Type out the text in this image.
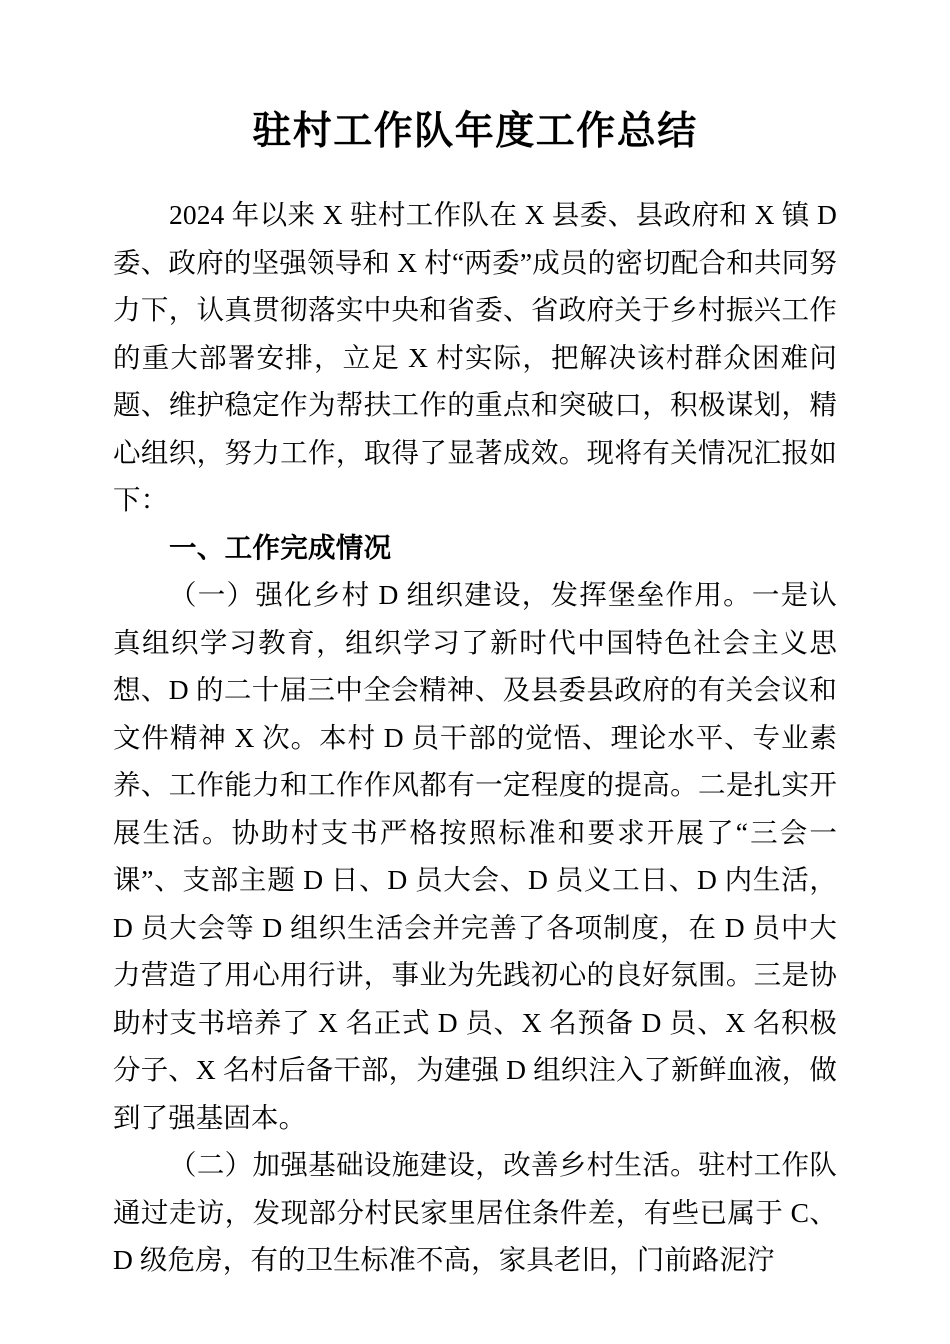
驻村工作队年度工作总结

2024 年以来 X 驻村工作队在 X 县委、县政府和 X 镇 D 委、政府的坚强领导和 X 村“两委”成员的密切配合和共同努力下，认真贯彻落实中央和省委、省政府关于乡村振兴工作的重大部署安排，立足 X 村实际，把解决该村群众困难问题、维护稳定作为帮扶工作的重点和突破口，积极谋划，精心组织，努力工作，取得了显著成效。现将有关情况汇报如下：

一、工作完成情况

（一）强化乡村 D 组织建设，发挥堡垒作用。一是认真组织学习教育，组织学习了新时代中国特色社会主义思想、D 的二十届三中全会精神、及县委县政府的有关会议和文件精神 X 次。本村 D 员干部的觉悟、理论水平、专业素养、工作能力和工作作风都有一定程度的提高。二是扎实开展生活。协助村支书严格按照标准和要求开展了“三会一课”、支部主题 D 日、D 员大会、D 员义工日、D 内生活，D 员大会等 D 组织生活会并完善了各项制度，在 D 员中大力营造了用心用行讲，事业为先践初心的良好氛围。三是协助村支书培养了 X 名正式 D 员、X 名预备 D 员、X 名积极分子、X 名村后备干部，为建强 D 组织注入了新鲜血液，做到了强基固本。

（二）加强基础设施建设，改善乡村生活。驻村工作队通过走访，发现部分村民家里居住条件差，有些已属于 C、D 级危房，有的卫生标准不高，家具老旧，门前路泥泞
